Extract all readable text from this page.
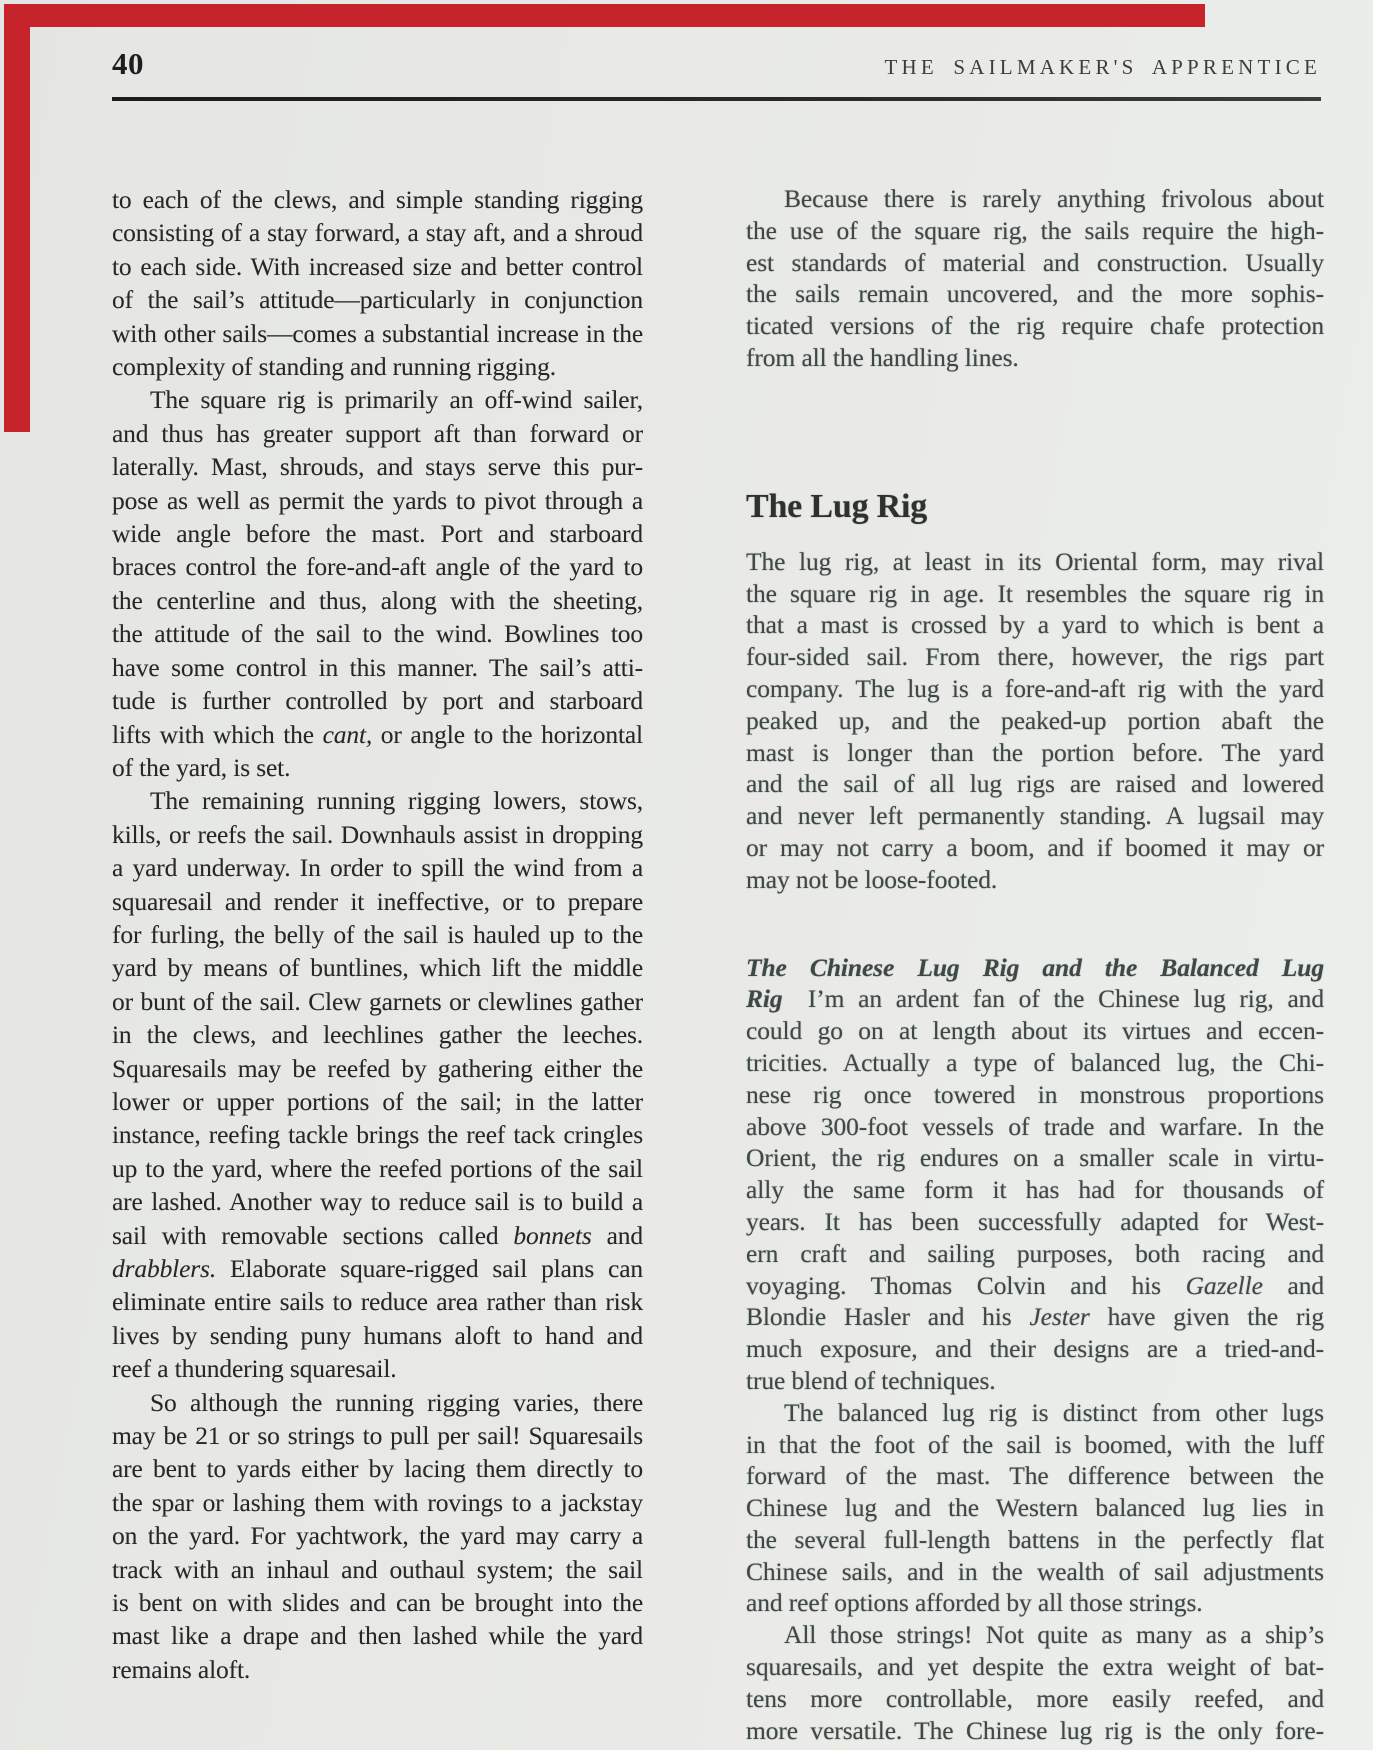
40	THE SAILMAKER'S APPRENTICE
to each of the clews, and simple standing rigging
consisting of a stay forward, a stay aft, and a shroud
to each side. With increased size and better control
of the sail’s attitude—particularly in conjunction
with other sails—comes a substantial increase in the
complexity of standing and running rigging.
The square rig is primarily an off-wind sailer,
and thus has greater support aft than forward or
laterally. Mast, shrouds, and stays serve this pur-
pose as well as permit the yards to pivot through a
wide angle before the mast. Port and starboard
braces control the fore-and-aft angle of the yard to
the centerline and thus, along with the sheeting,
the attitude of the sail to the wind. Bowlines too
have some control in this manner. The sail’s atti-
tude is further controlled by port and starboard
lifts with which the cant, or angle to the horizontal
of the yard, is set.
The remaining running rigging lowers, stows,
kills, or reefs the sail. Downhauls assist in dropping
a yard underway. In order to spill the wind from a
squaresail and render it ineffective, or to prepare
for furling, the belly of the sail is hauled up to the
yard by means of buntlines, which lift the middle
or bunt of the sail. Clew garnets or clewlines gather
in the clews, and leechlines gather the leeches.
Squaresails may be reefed by gathering either the
lower or upper portions of the sail; in the latter
instance, reefing tackle brings the reef tack cringles
up to the yard, where the reefed portions of the sail
are lashed. Another way to reduce sail is to build a
sail with removable sections called bonnets and
drabblers. Elaborate square-rigged sail plans can
eliminate entire sails to reduce area rather than risk
lives by sending puny humans aloft to hand and
reef a thundering squaresail.
So although the running rigging varies, there
may be 21 or so strings to pull per sail! Squaresails
are bent to yards either by lacing them directly to
the spar or lashing them with rovings to a jackstay
on the yard. For yachtwork, the yard may carry a
track with an inhaul and outhaul system; the sail
is bent on with slides and can be brought into the
mast like a drape and then lashed while the yard
remains aloft.
Because there is rarely anything frivolous about
the use of the square rig, the sails require the high-
est standards of material and construction. Usually
the sails remain uncovered, and the more sophis-
ticated versions of the rig require chafe protection
from all the handling lines.
The Lug Rig
The lug rig, at least in its Oriental form, may rival
the square rig in age. It resembles the square rig in
that a mast is crossed by a yard to which is bent a
four-sided sail. From there, however, the rigs part
company. The lug is a fore-and-aft rig with the yard
peaked up, and the peaked-up portion abaft the
mast is longer than the portion before. The yard
and the sail of all lug rigs are raised and lowered
and never left permanently standing. A lugsail may
or may not carry a boom, and if boomed it may or
may not be loose-footed.
The Chinese Lug Rig and the Balanced Lug
Rig  I’m an ardent fan of the Chinese lug rig, and
could go on at length about its virtues and eccen-
tricities. Actually a type of balanced lug, the Chi-
nese rig once towered in monstrous proportions
above 300-foot vessels of trade and warfare. In the
Orient, the rig endures on a smaller scale in virtu-
ally the same form it has had for thousands of
years. It has been successfully adapted for West-
ern craft and sailing purposes, both racing and
voyaging. Thomas Colvin and his Gazelle and
Blondie Hasler and his Jester have given the rig
much exposure, and their designs are a tried-and-
true blend of techniques.
The balanced lug rig is distinct from other lugs
in that the foot of the sail is boomed, with the luff
forward of the mast. The difference between the
Chinese lug and the Western balanced lug lies in
the several full-length battens in the perfectly flat
Chinese sails, and in the wealth of sail adjustments
and reef options afforded by all those strings.
All those strings! Not quite as many as a ship’s
squaresails, and yet despite the extra weight of bat-
tens more controllable, more easily reefed, and
more versatile. The Chinese lug rig is the only fore-
